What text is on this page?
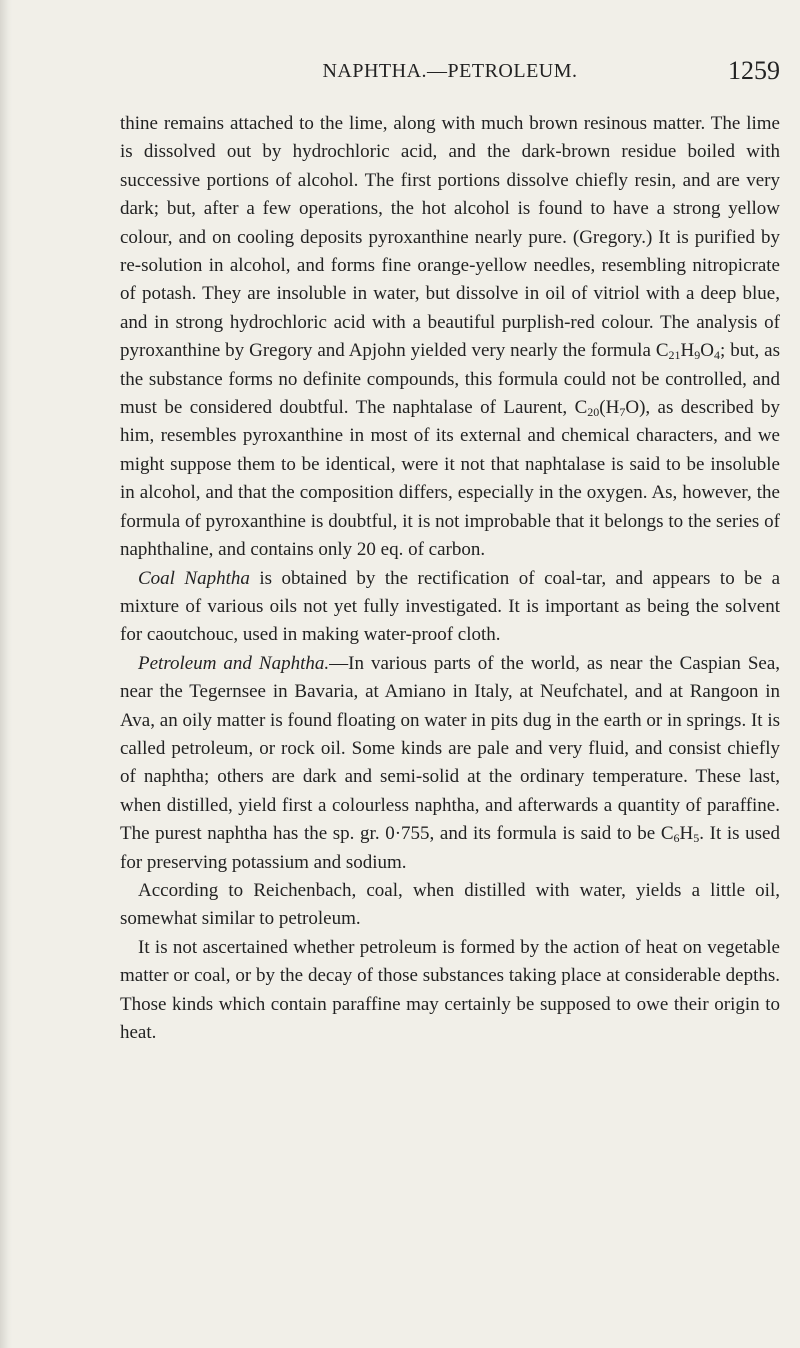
NAPHTHA.—PETROLEUM.	1259

thine remains attached to the lime, along with much brown resinous matter. The lime is dissolved out by hydrochloric acid, and the dark-brown residue boiled with successive portions of alcohol. The first portions dissolve chiefly resin, and are very dark; but, after a few operations, the hot alcohol is found to have a strong yellow colour, and on cooling deposits pyroxanthine nearly pure. (Gregory.) It is purified by re-solution in alcohol, and forms fine orange-yellow needles, resembling nitropicrate of potash. They are insoluble in water, but dissolve in oil of vitriol with a deep blue, and in strong hydrochloric acid with a beautiful purplish-red colour. The analysis of pyroxanthine by Gregory and Apjohn yielded very nearly the formula $C_{21}H_9O_4$; but, as the substance forms no definite compounds, this formula could not be controlled, and must be considered doubtful. The naphtalase of Laurent, $C_{20}(H_7O)$, as described by him, resembles pyroxanthine in most of its external and chemical characters, and we might suppose them to be identical, were it not that naphtalase is said to be insoluble in alcohol, and that the composition differs, especially in the oxygen. As, however, the formula of pyroxanthine is doubtful, it is not improbable that it belongs to the series of naphthaline, and contains only 20 eq. of carbon.

Coal Naphtha is obtained by the rectification of coal-tar, and appears to be a mixture of various oils not yet fully investigated. It is important as being the solvent for caoutchouc, used in making water-proof cloth.

Petroleum and Naphtha.—In various parts of the world, as near the Caspian Sea, near the Tegernsee in Bavaria, at Amiano in Italy, at Neufchatel, and at Rangoon in Ava, an oily matter is found floating on water in pits dug in the earth or in springs. It is called petroleum, or rock oil. Some kinds are pale and very fluid, and consist chiefly of naphtha; others are dark and semi-solid at the ordinary temperature. These last, when distilled, yield first a colourless naphtha, and afterwards a quantity of paraffine. The purest naphtha has the sp. gr. 0·755, and its formula is said to be $C_6H_5$. It is used for preserving potassium and sodium.

According to Reichenbach, coal, when distilled with water, yields a little oil, somewhat similar to petroleum.

It is not ascertained whether petroleum is formed by the action of heat on vegetable matter or coal, or by the decay of those substances taking place at considerable depths. Those kinds which contain paraffine may certainly be supposed to owe their origin to heat.
